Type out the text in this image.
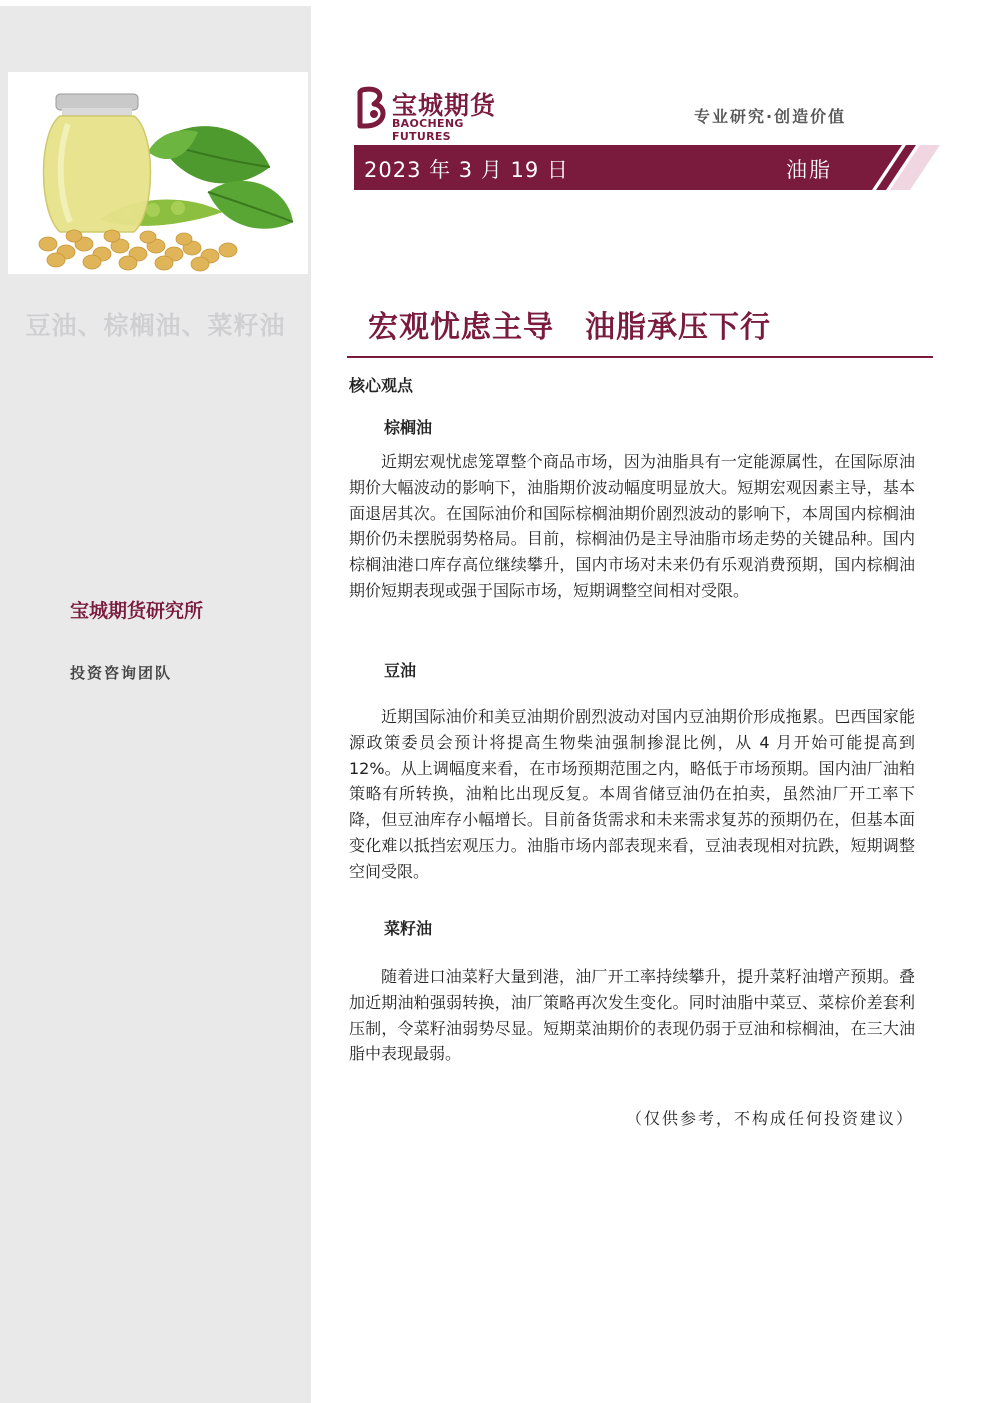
豆油、棕榈油、菜籽油
宝城期货研究所
投资咨询团队
宝城期货
BAOCHENG FUTURES
专业研究·创造价值
2023 年 3 月 19 日	油脂
宏观忧虑主导　油脂承压下行
核心观点
棕榈油

近期宏观忧虑笼罩整个商品市场，因为油脂具有一定能源属性，在国际原油期价大幅波动的影响下，油脂期价波动幅度明显放大。短期宏观因素主导，基本面退居其次。在国际油价和国际棕榈油期价剧烈波动的影响下，本周国内棕榈油期价仍未摆脱弱势格局。目前，棕榈油仍是主导油脂市场走势的关键品种。国内棕榈油港口库存高位继续攀升，国内市场对未来仍有乐观消费预期，国内棕榈油期价短期表现或强于国际市场，短期调整空间相对受限。

豆油

近期国际油价和美豆油期价剧烈波动对国内豆油期价形成拖累。巴西国家能源政策委员会预计将提高生物柴油强制掺混比例，从 4 月开始可能提高到 12%。从上调幅度来看，在市场预期范围之内，略低于市场预期。国内油厂油粕策略有所转换，油粕比出现反复。本周省储豆油仍在拍卖，虽然油厂开工率下降，但豆油库存小幅增长。目前备货需求和未来需求复苏的预期仍在，但基本面变化难以抵挡宏观压力。油脂市场内部表现来看，豆油表现相对抗跌，短期调整空间受限。

菜籽油

随着进口油菜籽大量到港，油厂开工率持续攀升，提升菜籽油增产预期。叠加近期油粕强弱转换，油厂策略再次发生变化。同时油脂中菜豆、菜棕价差套利压制，令菜籽油弱势尽显。短期菜油期价的表现仍弱于豆油和棕榈油，在三大油脂中表现最弱。

（仅供参考，不构成任何投资建议）
